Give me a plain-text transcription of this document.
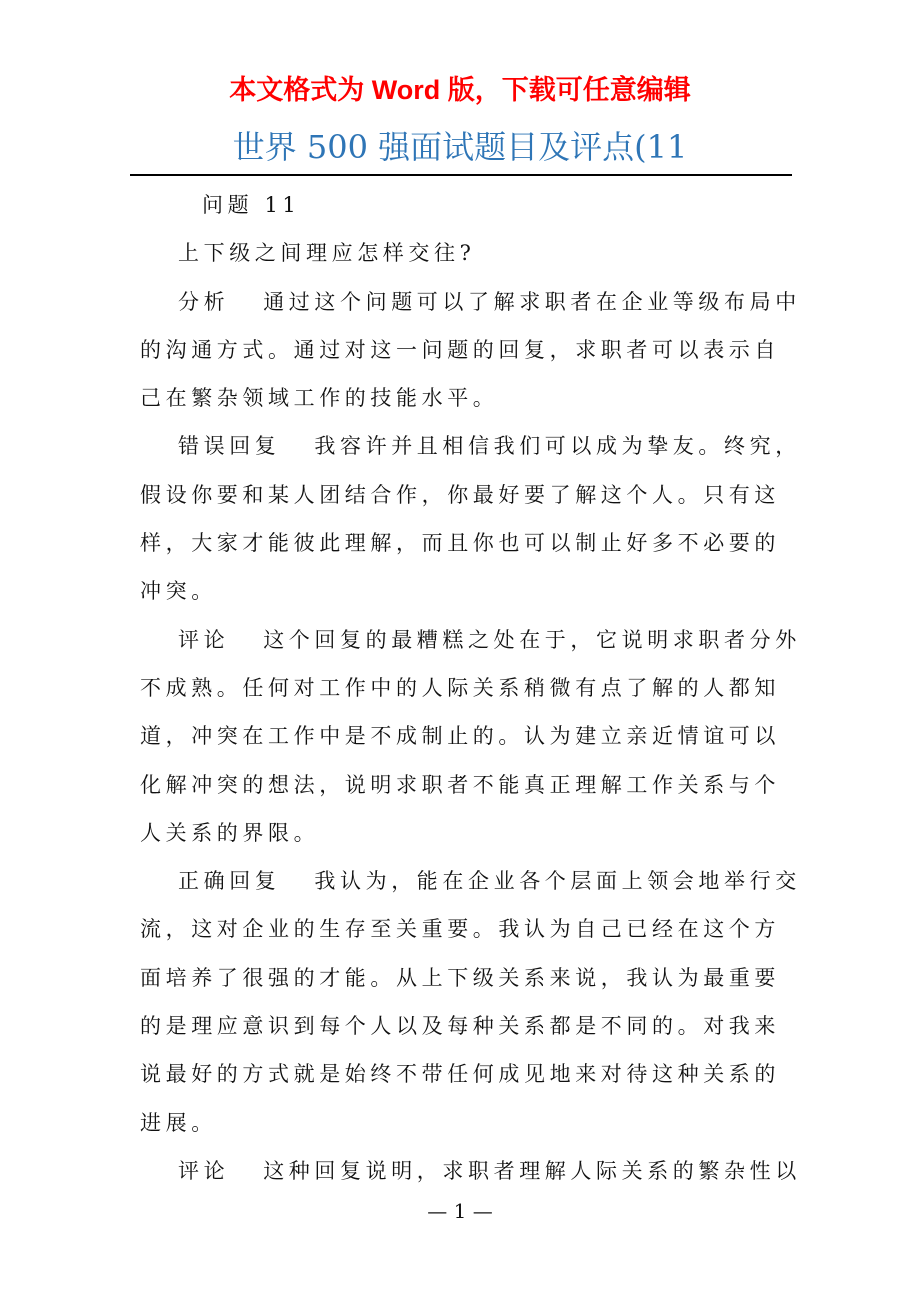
本文格式为 Word 版，下载可任意编辑
世界 500 强面试题目及评点(11
问题 11
上下级之间理应怎样交往?
分析 通过这个问题可以了解求职者在企业等级布局中
的沟通方式。通过对这一问题的回复，求职者可以表示自
己在繁杂领域工作的技能水平。
错误回复 我容许并且相信我们可以成为挚友。终究，
假设你要和某人团结合作，你最好要了解这个人。只有这
样，大家才能彼此理解，而且你也可以制止好多不必要的
冲突。
评论 这个回复的最糟糕之处在于，它说明求职者分外
不成熟。任何对工作中的人际关系稍微有点了解的人都知
道，冲突在工作中是不成制止的。认为建立亲近情谊可以
化解冲突的想法，说明求职者不能真正理解工作关系与个
人关系的界限。
正确回复 我认为，能在企业各个层面上领会地举行交
流，这对企业的生存至关重要。我认为自己已经在这个方
面培养了很强的才能。从上下级关系来说，我认为最重要
的是理应意识到每个人以及每种关系都是不同的。对我来
说最好的方式就是始终不带任何成见地来对待这种关系的
进展。
评论 这种回复说明，求职者理解人际关系的繁杂性以
— 1 —
